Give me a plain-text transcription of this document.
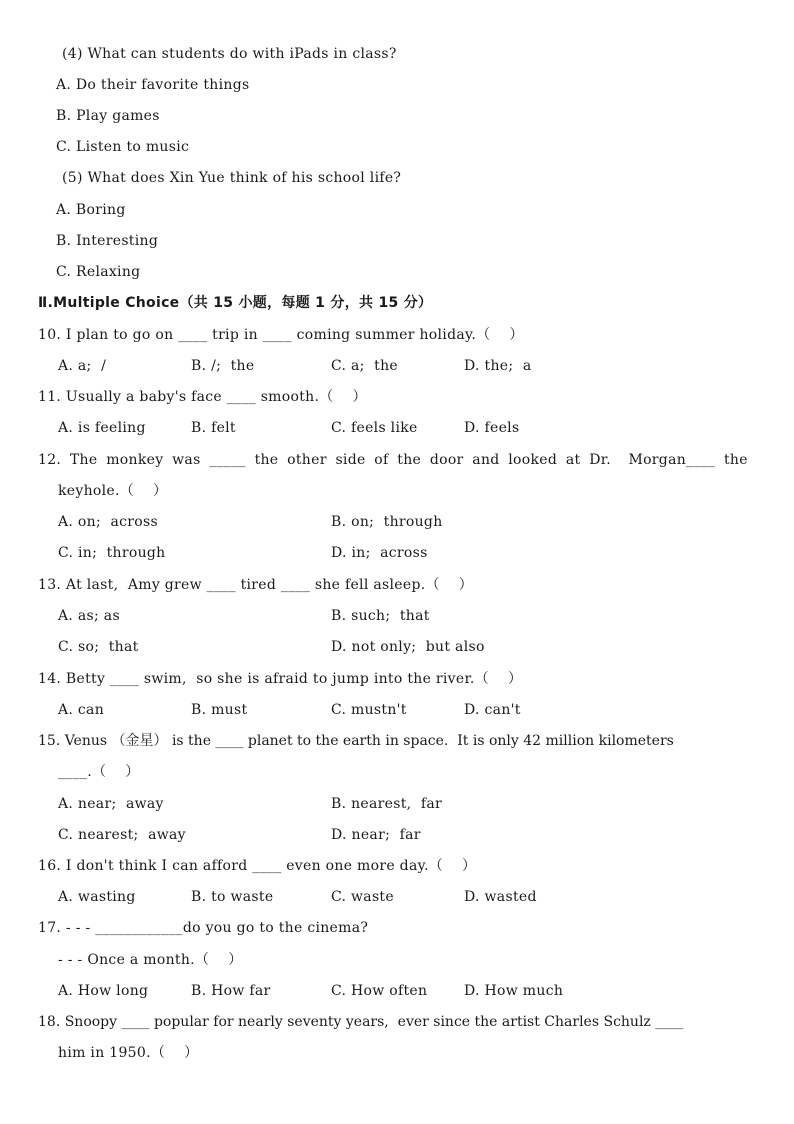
(4) What can students do with iPads in class?
A. Do their favorite things
B. Play games
C. Listen to music
(5) What does Xin Yue think of his school life?
A. Boring
B. Interesting
C. Relaxing
Ⅱ.Multiple Choice（共 15 小题，每题 1 分，共 15 分）
10. I plan to go on ____ trip in ____ coming summer holiday.（    ）
A. a;  /	B. /;  the	C. a;  the	D. the;  a
11. Usually a baby's face ____ smooth.（    ）
A. is feeling	B. felt	C. feels like	D. feels
12. The monkey was _____ the other side of the door and looked at Dr.  Morgan____ the
keyhole.（    ）
A. on;  across	B. on;  through
C. in;  through	D. in;  across
13. At last,  Amy grew ____ tired ____ she fell asleep.（    ）
A. as; as	B. such;  that
C. so;  that	D. not only;  but also
14. Betty ____ swim,  so she is afraid to jump into the river.（    ）
A. can	B. must	C. mustn't	D. can't
15. Venus （金星） is the ____ planet to the earth in space.  It is only 42 million kilometers
____.（    ）
A. near;  away	B. nearest,  far
C. nearest;  away	D. near;  far
16. I don't think I can afford ____ even one more day.（    ）
A. wasting	B. to waste	C. waste	D. wasted
17. - - - ____________do you go to the cinema?
- - - Once a month.（    ）
A. How long	B. How far	C. How often	D. How much
18. Snoopy ____ popular for nearly seventy years,  ever since the artist Charles Schulz ____
him in 1950.（    ）
